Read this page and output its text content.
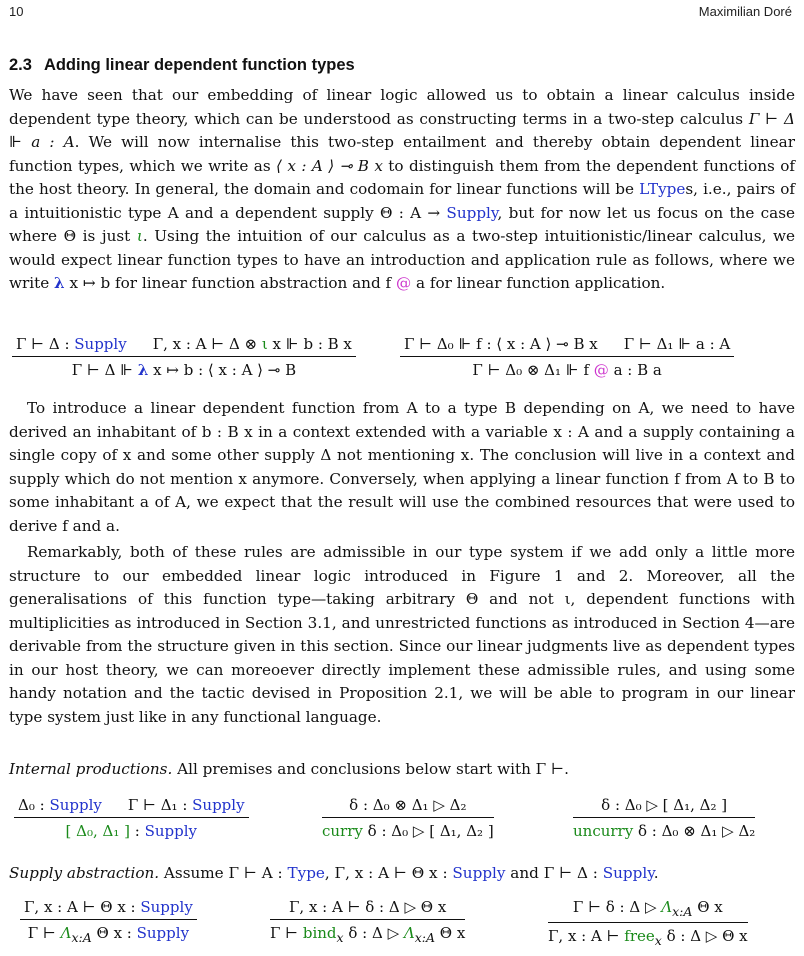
10	Maximilian Doré
2.3 Adding linear dependent function types

We have seen that our embedding of linear logic allowed us to obtain a linear calculus inside dependent type theory, which can be understood as constructing terms in a two-step calculus Γ ⊢ Δ ⊩ a : A. We will now internalise this two-step entailment and thereby obtain dependent linear function types, which we write as ⟨ x : A ⟩ ⊸ B x to distinguish them from the dependent functions of the host theory. In general, the domain and codomain for linear functions will be LTypes, i.e., pairs of a intuitionistic type A and a dependent supply Θ : A → Supply, but for now let us focus on the case where Θ is just ι. Using the intuition of our calculus as a two-step intuitionistic/linear calculus, we would expect linear function types to have an introduction and application rule as follows, where we write λ x ↦ b for linear function abstraction and f @ a for linear function application.

Γ ⊢ Δ : Supply Γ, x : A ⊢ Δ ⊗ ι x ⊩ b : B x
Γ ⊢ Δ ⊩ λ x ↦ b : ⟨ x : A ⟩ ⊸ B
Γ ⊢ Δ₀ ⊩ f : ⟨ x : A ⟩ ⊸ B x Γ ⊢ Δ₁ ⊩ a : A
Γ ⊢ Δ₀ ⊗ Δ₁ ⊩ f @ a : B a

To introduce a linear dependent function from A to a type B depending on A, we need to have derived an inhabitant of b : B x in a context extended with a variable x : A and a supply containing a single copy of x and some other supply Δ not mentioning x. The conclusion will live in a context and supply which do not mention x anymore. Conversely, when applying a linear function f from A to B to some inhabitant a of A, we expect that the result will use the combined resources that were used to derive f and a.

Remarkably, both of these rules are admissible in our type system if we add only a little more structure to our embedded linear logic introduced in Figure 1 and 2. Moreover, all the generalisations of this function type—taking arbitrary Θ and not ι, dependent functions with multiplicities as introduced in Section 3.1, and unrestricted functions as introduced in Section 4—are derivable from the structure given in this section. Since our linear judgments live as dependent types in our host theory, we can moreoever directly implement these admissible rules, and using some handy notation and the tactic devised in Proposition 2.1, we will be able to program in our linear type system just like in any functional language.

Internal productions. All premises and conclusions below start with Γ ⊢.
Δ₀ : Supply Γ ⊢ Δ₁ : Supply
[ Δ₀, Δ₁ ] : Supply
δ : Δ₀ ⊗ Δ₁ ▷ Δ₂
curry δ : Δ₀ ▷ [ Δ₁, Δ₂ ]
δ : Δ₀ ▷ [ Δ₁, Δ₂ ]
uncurry δ : Δ₀ ⊗ Δ₁ ▷ Δ₂
Supply abstraction. Assume Γ ⊢ A : Type, Γ, x : A ⊢ Θ x : Supply and Γ ⊢ Δ : Supply.
Γ, x : A ⊢ Θ x : Supply
Γ ⊢ $\Lambda_{x:A}$ Θ x : Supply
Γ, x : A ⊢ δ : Δ ▷ Θ x
Γ ⊢ bind$_x$ δ : Δ ▷ $\Lambda_{x:A}$ Θ x
Γ ⊢ δ : Δ ▷ $\Lambda_{x:A}$ Θ x
Γ, x : A ⊢ free$_x$ δ : Δ ▷ Θ x
